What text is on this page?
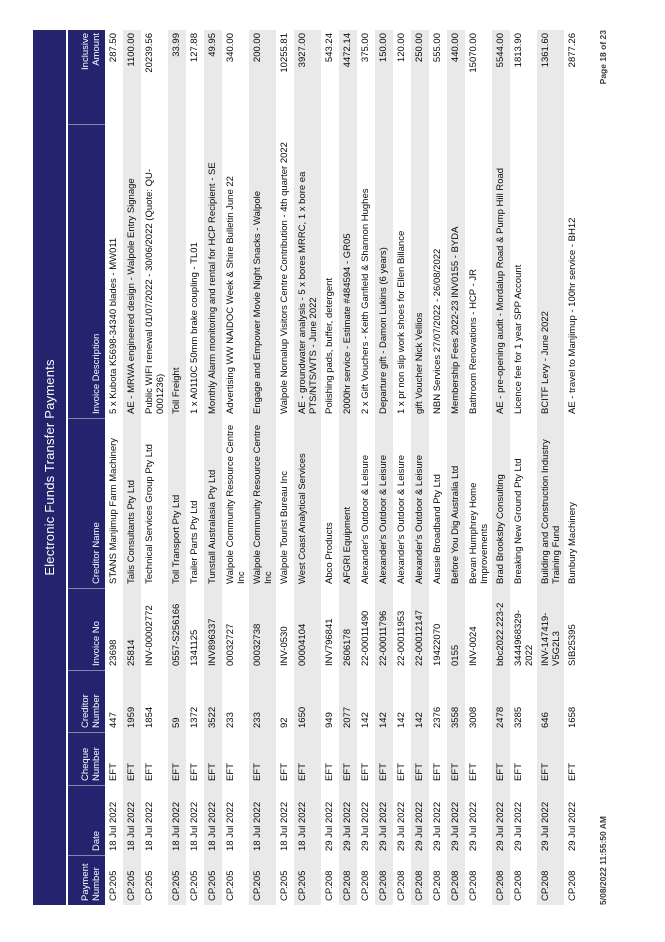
Electronic Funds Transfer Payments
Payment Number
Date
Cheque Number
Creditor Number
Invoice No
Creditor Name
Invoice Description
Inclusive Amount
CP.205
18 Jul 2022
EFT
447
23698
STANS Manjimup Farm Machinery
5 x Kubota K5698-34340 blades - MW011
287.50
CP.205
18 Jul 2022
EFT
1959
25814
Talis Consultants Pty Ltd
AE - MRWA engineered design - Walpole Entry Signage
1100.00
CP.205
18 Jul 2022
EFT
1854
INV-00002772
Technical Services Group Pty Ltd
Public WIFI renewal 01/07/2022 - 30/06/2022 (Quote: QU-0001236)
20239.56
CP.205
18 Jul 2022
EFT
59
0557-S256166
Toll Transport Pty Ltd
Toll Freight
33.99
CP.205
18 Jul 2022
EFT
1372
1341125
Trailer Parts Pty Ltd
1 x A0110C 50mm brake coupling - TL01
127.88
CP.205
18 Jul 2022
EFT
3522
INV896337
Tunstall Australasia Pty Ltd
Monthly Alarm monitoring and rental for HCP Recipient - SE
49.95
CP.205
18 Jul 2022
EFT
233
00032727
Walpole Community Resource Centre Inc
Advertising WW NAIDOC Week & Shire Bulletin June 22
340.00
CP.205
18 Jul 2022
EFT
233
00032738
Walpole Community Resource Centre Inc
Engage and Empower Movie Night Snacks - Walpole
200.00
CP.205
18 Jul 2022
EFT
92
INV-0530
Walpole Tourist Bureau Inc
Walpole Nornalup Visitors Centre Contribution - 4th quarter 2022
10255.81
CP.205
18 Jul 2022
EFT
1650
00004104
West Coast Analytical Services
AE - groundwater analysis - 5 x bores MRRC, 1 x bore ea PTS/NTS/WTS - June 2022
3927.00
CP.208
29 Jul 2022
EFT
949
INV796841
Abco Products
Polishing pads, buffer, detergent
543.24
CP.208
29 Jul 2022
EFT
2077
2606178
AFGRI Equipment
2000hr service - Estimate #484594 - GR05
4472.14
CP.208
29 Jul 2022
EFT
142
22-00011490
Alexander's Outdoor & Leisure
2 x Gift Vouchers - Keith Ganfield & Shannon Hughes
375.00
CP.208
29 Jul 2022
EFT
142
22-00011796
Alexander's Outdoor & Leisure
Departure gift - Damon Lukins (6 years)
150.00
CP.208
29 Jul 2022
EFT
142
22-00011953
Alexander's Outdoor & Leisure
1 x pr non slip work shoes for Ellen Billance
120.00
CP.208
29 Jul 2022
EFT
142
22-00012147
Alexander's Outdoor & Leisure
gift Voucher Nick Vellios
250.00
CP.208
29 Jul 2022
EFT
2376
19422070
Aussie Broadband Pty Ltd
NBN Services 27/07/2022 - 26/08/2022
555.00
CP.208
29 Jul 2022
EFT
3558
0155
Before You Dig Australia Ltd
Membership Fees 2022-23 INV0155 - BYDA
440.00
CP.208
29 Jul 2022
EFT
3008
INV-0024
Bevan Humphrey Home Improvements
Bathroom Renovations - HCP - JR
15070.00
CP.208
29 Jul 2022
EFT
2478
bbc2022.223-2
Brad Brooksby Consulting
AE - pre-opening audit - Mordalup Road & Pump Hill Road
5544.00
CP.208
29 Jul 2022
EFT
3285
3444968329-2022
Breaking New Ground Pty Ltd
Licence fee for 1 year SPP Account
1813.90
CP.208
29 Jul 2022
EFT
646
INV-147419-V5G2L3
Building and Construction Industry Training Fund
BCITF Levy - June 2022
1361.60
CP.208
29 Jul 2022
EFT
1658
SIB25395
Bunbury Machinery
AE - travel to Manjimup - 100hr service - BH12
2877.26
5/08/2022 11:55:50 AM
Page 18 of 23
